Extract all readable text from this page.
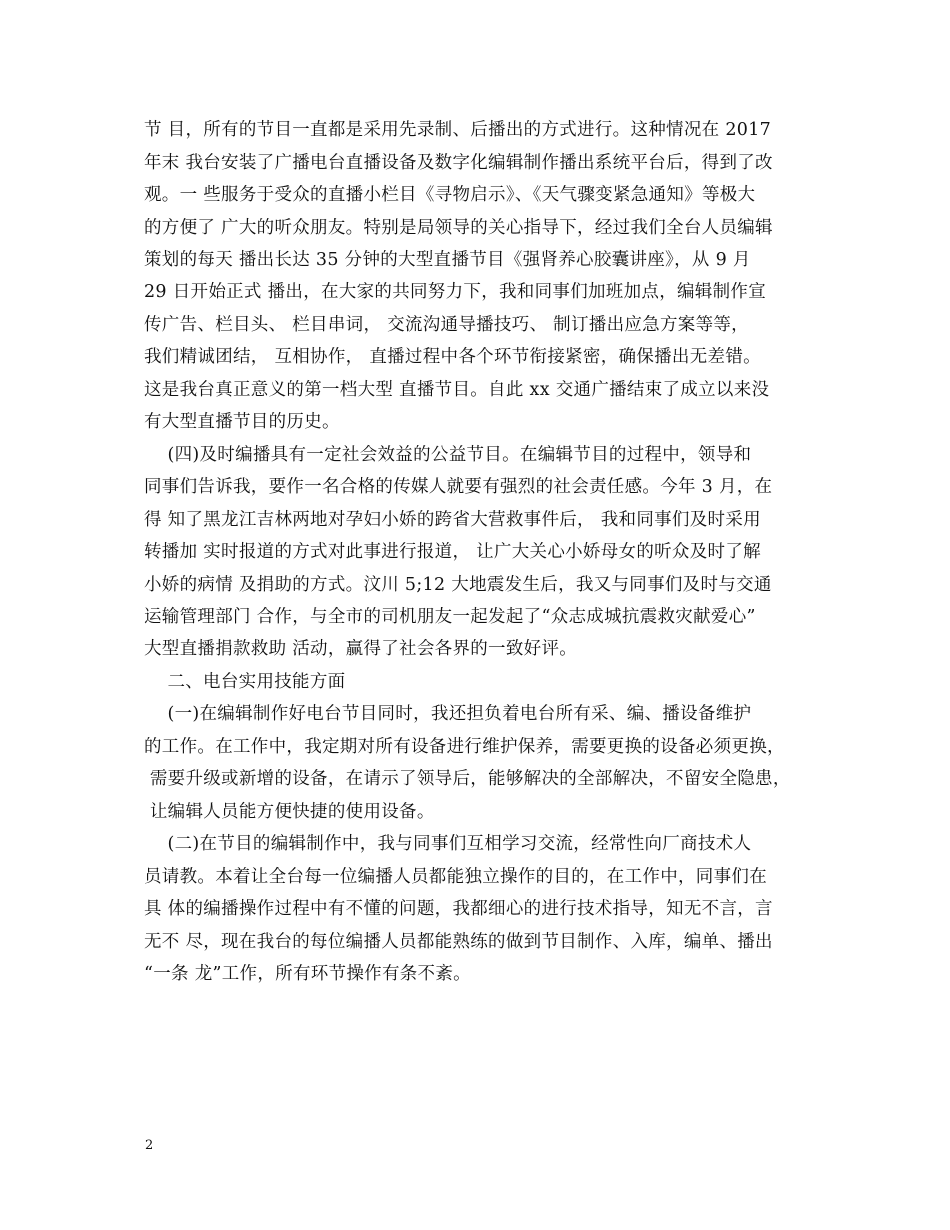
节 目，所有的节目一直都是采用先录制、后播出的方式进行。这种情况在 2017
年末 我台安装了广播电台直播设备及数字化编辑制作播出系统平台后，得到了改
观。一 些服务于受众的直播小栏目《寻物启示》、《天气骤变紧急通知》等极大
的方便了 广大的听众朋友。特别是局领导的关心指导下，经过我们全台人员编辑
策划的每天 播出长达 35 分钟的大型直播节目《强肾养心胶囊讲座》，从 9 月
29 日开始正式 播出，在大家的共同努力下，我和同事们加班加点，编辑制作宣
传广告、栏目头、 栏目串词， 交流沟通导播技巧、 制订播出应急方案等等，
我们精诚团结， 互相协作， 直播过程中各个环节衔接紧密，确保播出无差错。
这是我台真正意义的第一档大型 直播节目。自此 xx 交通广播结束了成立以来没
有大型直播节目的历史。
(四)及时编播具有一定社会效益的公益节目。在编辑节目的过程中，领导和
同事们告诉我，要作一名合格的传媒人就要有强烈的社会责任感。今年 3 月，在
得 知了黑龙江吉林两地对孕妇小娇的跨省大营救事件后， 我和同事们及时采用
转播加 实时报道的方式对此事进行报道， 让广大关心小娇母女的听众及时了解
小娇的病情 及捐助的方式。汶川 5;12 大地震发生后，我又与同事们及时与交通
运输管理部门 合作，与全市的司机朋友一起发起了“众志成城抗震救灾献爱心”
大型直播捐款救助 活动，赢得了社会各界的一致好评。
二、电台实用技能方面
(一)在编辑制作好电台节目同时，我还担负着电台所有采、编、播设备维护
的工作。在工作中，我定期对所有设备进行维护保养，需要更换的设备必须更换，
需要升级或新增的设备，在请示了领导后，能够解决的全部解决，不留安全隐患，
让编辑人员能方便快捷的使用设备。
(二)在节目的编辑制作中，我与同事们互相学习交流，经常性向厂商技术人
员请教。本着让全台每一位编播人员都能独立操作的目的，在工作中，同事们在
具 体的编播操作过程中有不懂的问题，我都细心的进行技术指导，知无不言，言
无不 尽，现在我台的每位编播人员都能熟练的做到节目制作、入库，编单、播出
“一条 龙”工作，所有环节操作有条不紊。
2
